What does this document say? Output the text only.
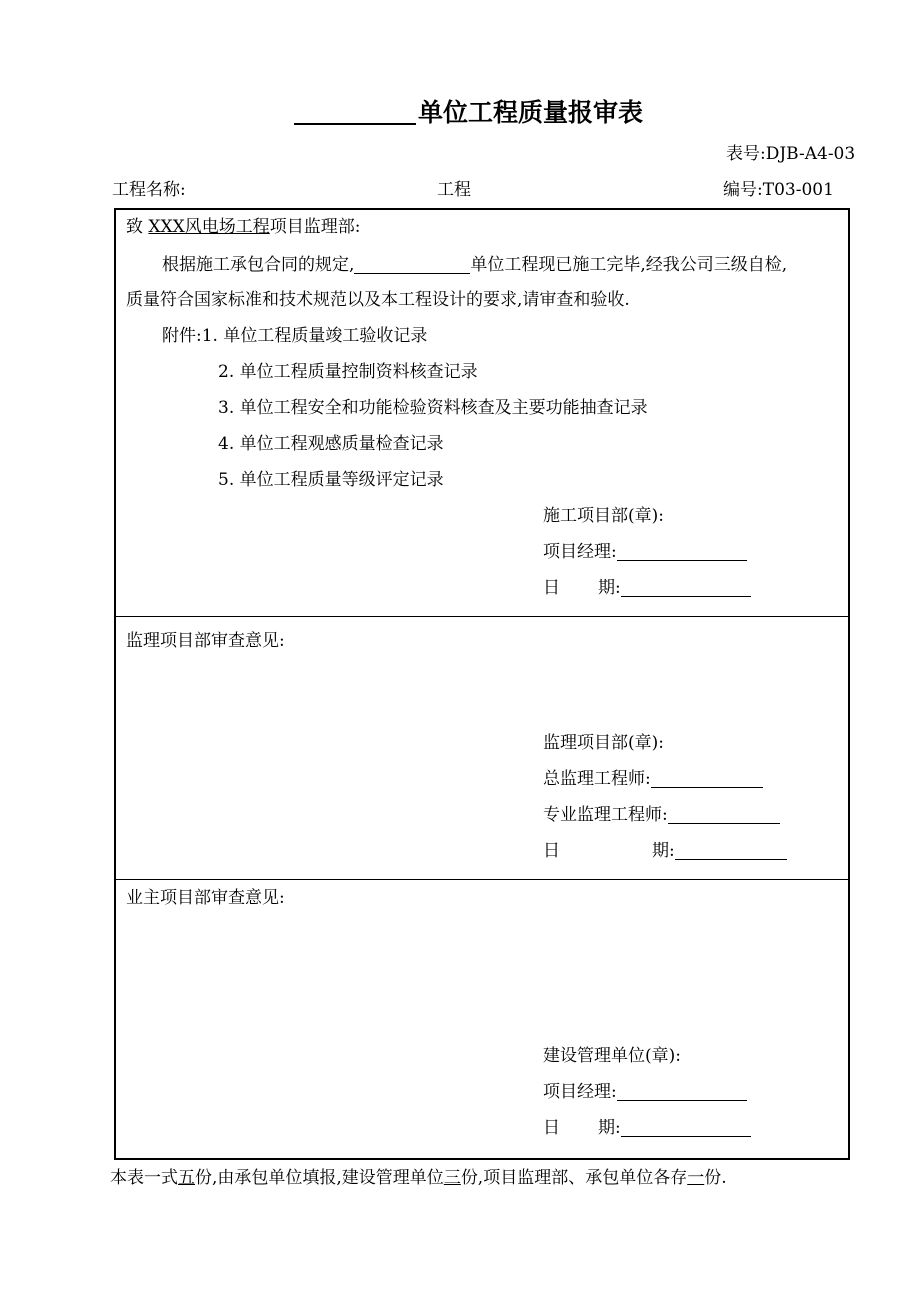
单位工程质量报审表
表号:DJB-A4-03
工程名称:	工程	编号:T03-001
致 XXX风电场工程项目监理部:
根据施工承包合同的规定,	单位工程现已施工完毕,经我公司三级自检,
质量符合国家标准和技术规范以及本工程设计的要求,请审查和验收.
附件:1. 单位工程质量竣工验收记录
2. 单位工程质量控制资料核查记录
3. 单位工程安全和功能检验资料核查及主要功能抽查记录
4. 单位工程观感质量检查记录
5. 单位工程质量等级评定记录
施工项目部(章):
项目经理:
日 期:
监理项目部审查意见:
监理项目部(章):
总监理工程师:
专业监理工程师:
日	期:
业主项目部审查意见:
建设管理单位(章):
项目经理:
日 期:
本表一式五份,由承包单位填报,建设管理单位三份,项目监理部、承包单位各存一份.
